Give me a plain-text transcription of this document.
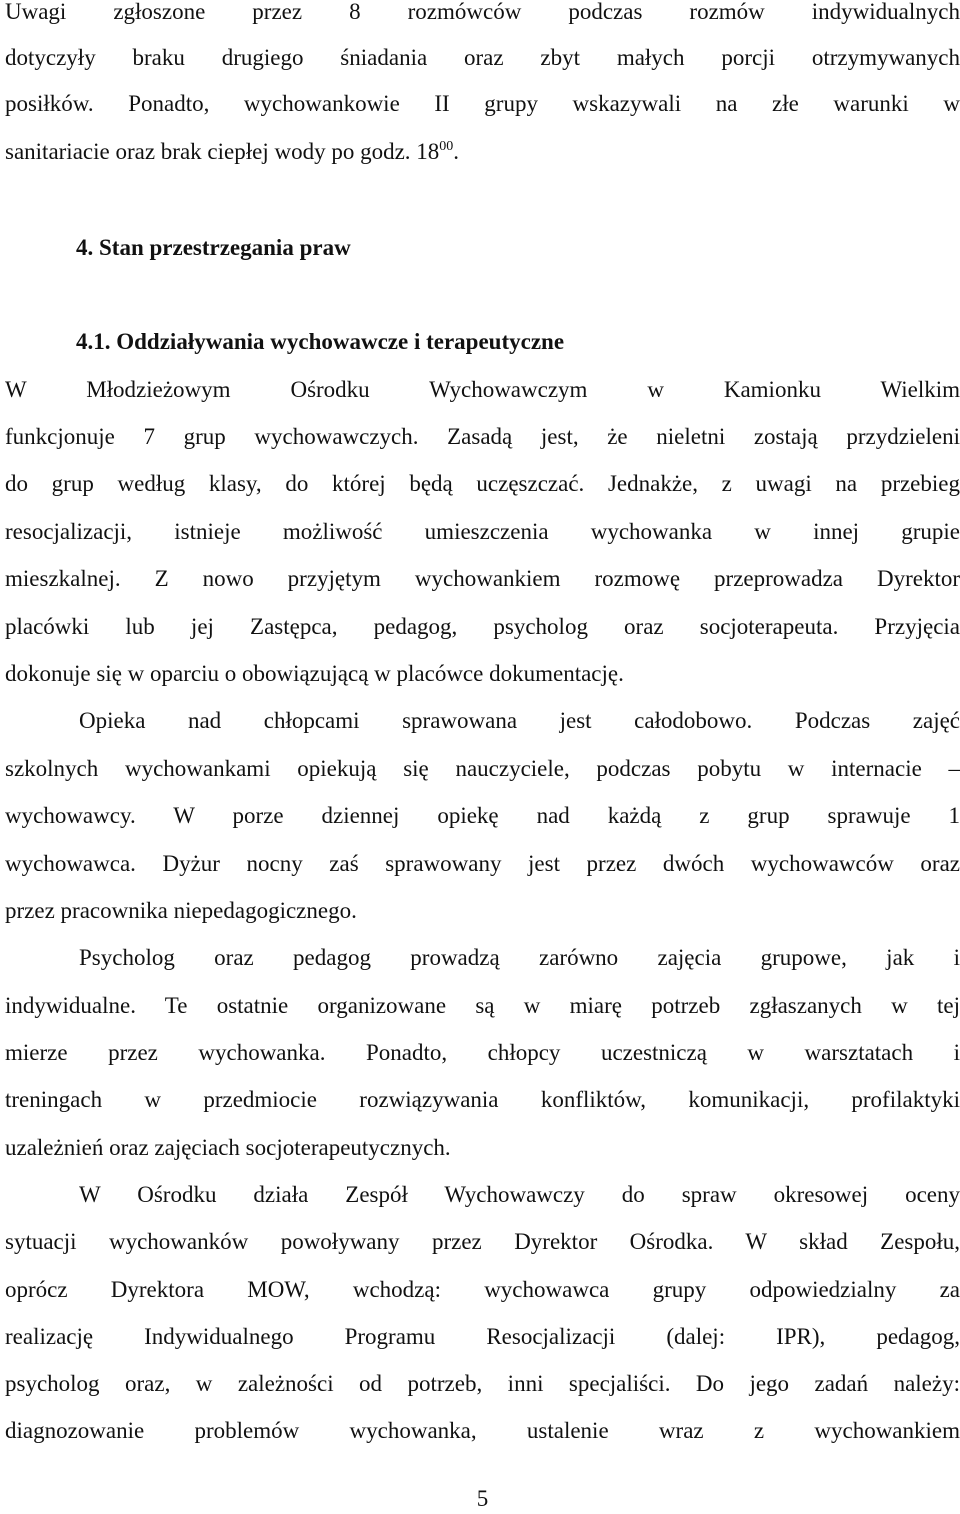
Uwagi zgłoszone przez 8 rozmówców podczas rozmów indywidualnych
dotyczyły braku drugiego śniadania oraz zbyt małych porcji otrzymywanych
posiłków. Ponadto, wychowankowie II grupy wskazywali na złe warunki w
sanitariacie oraz brak ciepłej wody po godz. $18^{00}$.
4. Stan przestrzegania praw
4.1. Oddziaływania wychowawcze i terapeutyczne
W Młodzieżowym Ośrodku Wychowawczym w Kamionku Wielkim
funkcjonuje 7 grup wychowawczych. Zasadą jest, że nieletni zostają przydzieleni
do grup według klasy, do której będą uczęszczać. Jednakże, z uwagi na przebieg
resocjalizacji, istnieje możliwość umieszczenia wychowanka w innej grupie
mieszkalnej. Z nowo przyjętym wychowankiem rozmowę przeprowadza Dyrektor
placówki lub jej Zastępca, pedagog, psycholog oraz socjoterapeuta. Przyjęcia
dokonuje się w oparciu o obowiązującą w placówce dokumentację.
Opieka nad chłopcami sprawowana jest całodobowo. Podczas zajęć
szkolnych wychowankami opiekują się nauczyciele, podczas pobytu w internacie –
wychowawcy. W porze dziennej opiekę nad każdą z grup sprawuje 1
wychowawca. Dyżur nocny zaś sprawowany jest przez dwóch wychowawców oraz
przez pracownika niepedagogicznego.
Psycholog oraz pedagog prowadzą zarówno zajęcia grupowe, jak i
indywidualne. Te ostatnie organizowane są w miarę potrzeb zgłaszanych w tej
mierze przez wychowanka. Ponadto, chłopcy uczestniczą w warsztatach i
treningach w przedmiocie rozwiązywania konfliktów, komunikacji, profilaktyki
uzależnień oraz zajęciach socjoterapeutycznych.
W Ośrodku działa Zespół Wychowawczy do spraw okresowej oceny
sytuacji wychowanków powoływany przez Dyrektor Ośrodka. W skład Zespołu,
oprócz Dyrektora MOW, wchodzą: wychowawca grupy odpowiedzialny za
realizację Indywidualnego Programu Resocjalizacji (dalej: IPR), pedagog,
psycholog oraz, w zależności od potrzeb, inni specjaliści. Do jego zadań należy:
diagnozowanie problemów wychowanka, ustalenie wraz z wychowankiem
5
